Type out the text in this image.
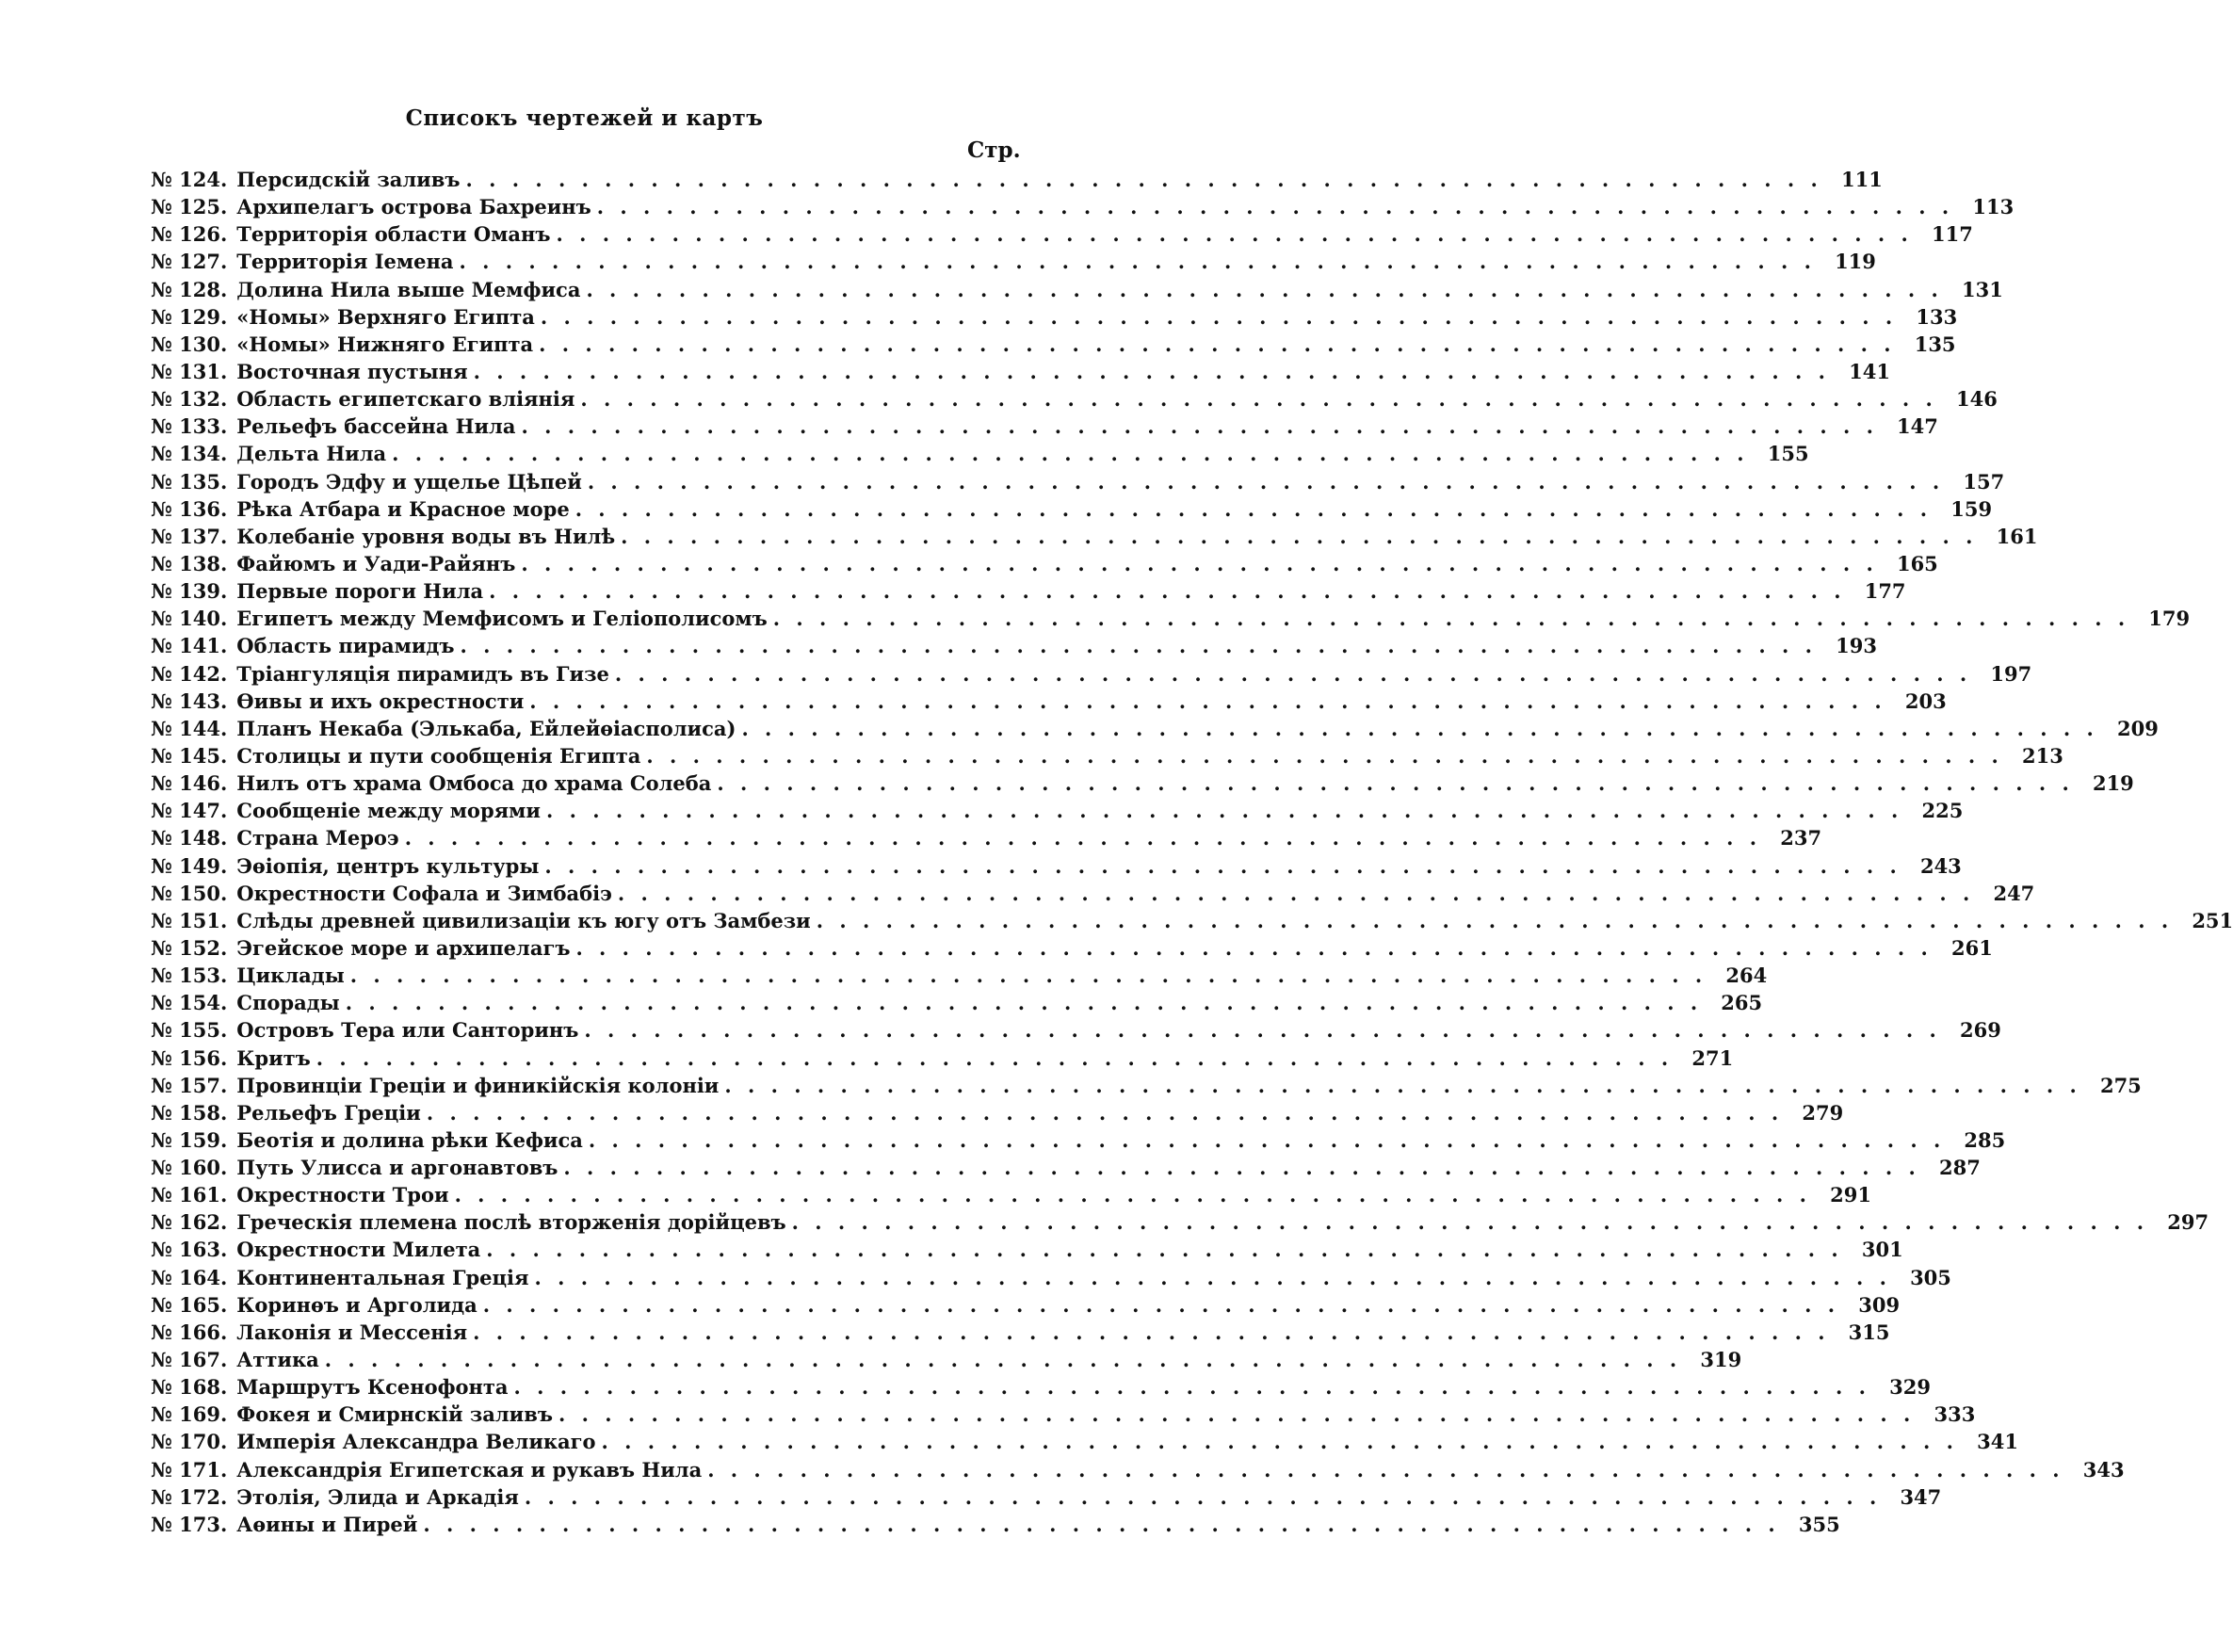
Списокъ чертежей и картъ
Стр.
№ 124. Персидскій заливъ . . .	111
№ 125. Архипелагъ острова Бахреинъ . . .	113
№ 126. Территорія области Оманъ . . .	117
№ 127. Территорія Іемена . . .	119
№ 128. Долина Нила выше Мемфиса . . .	131
№ 129. «Номы» Верхняго Египта . . .	133
№ 130. «Номы» Нижняго Египта . . .	135
№ 131. Восточная пустыня . . .	141
№ 132. Область египетскаго вліянія . . .	146
№ 133. Рельефъ бассейна Нила . . .	147
№ 134. Дельта Нила . . .	155
№ 135. Городъ Эдфу и ущелье Цѣпей . . .	157
№ 136. Рѣка Атбара и Красное море . . .	159
№ 137. Колебаніе уровня воды въ Нилѣ . . .	161
№ 138. Файюмъ и Уади-Райянъ . . .	165
№ 139. Первые пороги Нила . . .	177
№ 140. Египетъ между Мемфисомъ и Геліополисомъ . . .	179
№ 141. Область пирамидъ . . .	193
№ 142. Тріангуляція пирамидъ въ Гизе . . .	197
№ 143. Ѳивы и ихъ окрестности . . .	203
№ 144. Планъ Некаба (Элькаба, Ейлейѳіасполиса) . . .	209
№ 145. Столицы и пути сообщенія Египта . . .	213
№ 146. Нилъ отъ храма Омбоса до храма Солеба . . .	219
№ 147. Сообщеніе между морями . . .	225
№ 148. Страна Мероэ . . .	237
№ 149. Эѳіопія, центръ культуры . . .	243
№ 150. Окрестности Софала и Зимбабіэ . . .	247
№ 151. Слѣды древней цивилизаціи къ югу отъ Замбези . . .	251
№ 152. Эгейское море и архипелагъ . . .	261
№ 153. Циклады . . .	264
№ 154. Спорады . . .	265
№ 155. Островъ Тера или Санторинъ . . .	269
№ 156. Критъ . . .	271
№ 157. Провинціи Греціи и финикійскія колоніи . . .	275
№ 158. Рельефъ Греціи . . .	279
№ 159. Беотія и долина рѣки Кефиса . . .	285
№ 160. Путь Улисса и аргонавтовъ . . .	287
№ 161. Окрестности Трои . . .	291
№ 162. Греческія племена послѣ вторженія дорійцевъ . . .	297
№ 163. Окрестности Милета . . .	301
№ 164. Континентальная Греція . . .	305
№ 165. Коринѳъ и Арголида . . .	309
№ 166. Лаконія и Мессенія . . .	315
№ 167. Аттика . . .	319
№ 168. Маршрутъ Ксенофонта . . .	329
№ 169. Фокея и Смирнскій заливъ . . .	333
№ 170. Имперія Александра Великаго . . .	341
№ 171. Александрія Египетская и рукавъ Нила . . .	343
№ 172. Этолія, Элида и Аркадія . . .	347
№ 173. Аѳины и Пирей . . .	355
